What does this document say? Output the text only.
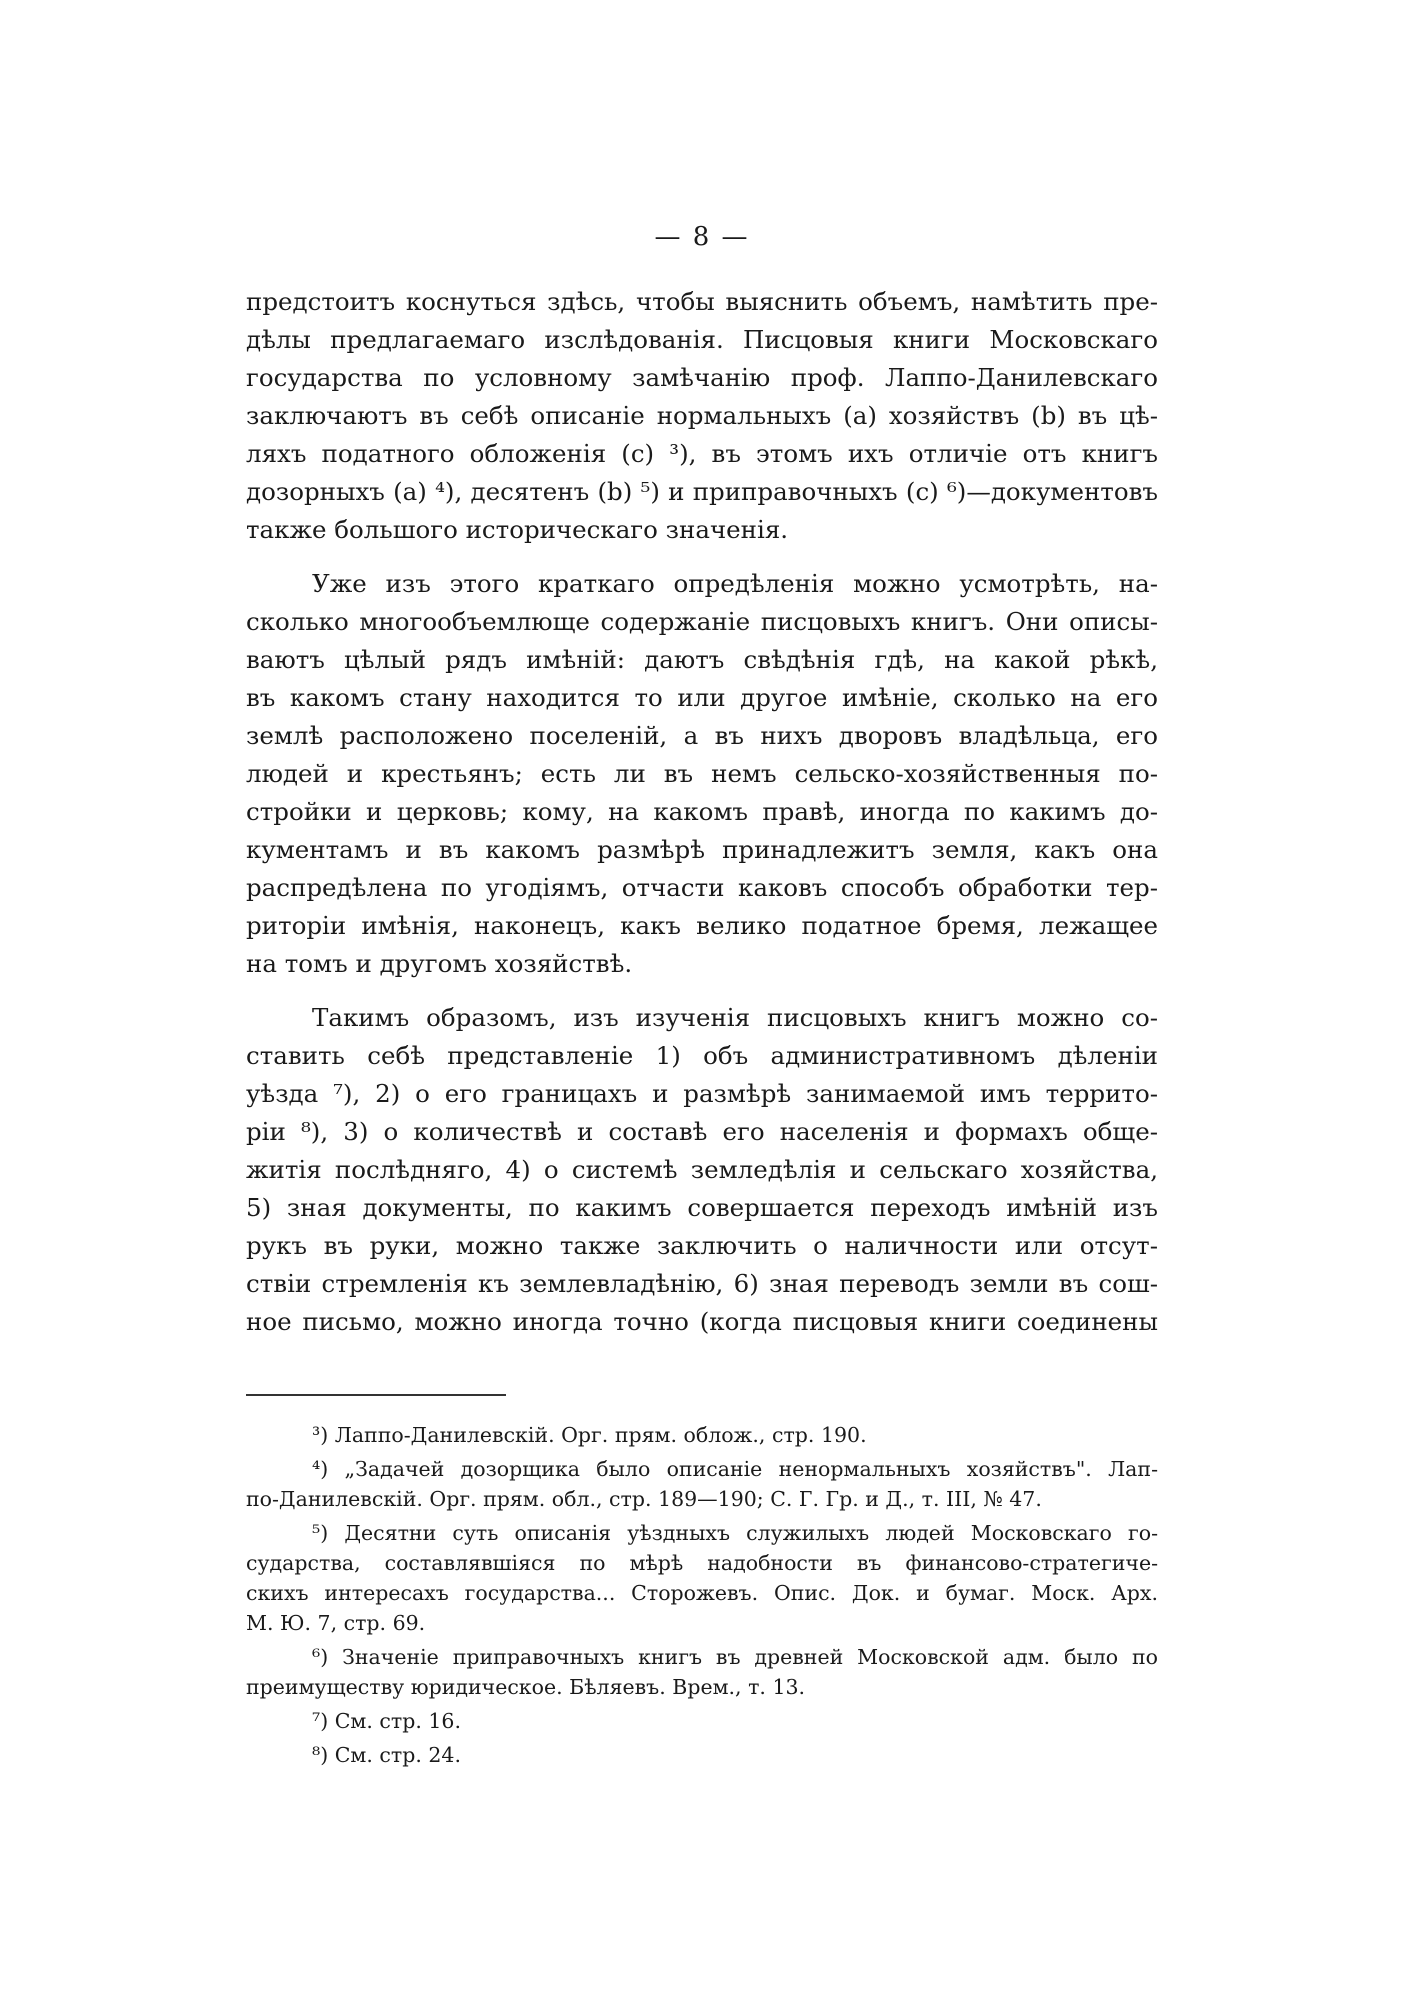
— 8 —

предстоитъ коснуться здѣсь, чтобы выяснить объемъ, намѣтить пре-
дѣлы предлагаемаго изслѣдованія. Писцовыя книги Московскаго
государства по условному замѣчанію проф. Лаппо-Данилевскаго
заключаютъ въ себѣ описаніе нормальныхъ (а) хозяйствъ (b) въ цѣ-
ляхъ податного обложенія (с) ³), въ этомъ ихъ отличіе отъ книгъ
дозорныхъ (а) ⁴), десятенъ (b) ⁵) и приправочныхъ (с) ⁶)—документовъ
также большого историческаго значенія.

Уже изъ этого краткаго опредѣленія можно усмотрѣть, на-
сколько многообъемлюще содержаніе писцовыхъ книгъ. Они описы-
ваютъ цѣлый рядъ имѣній: даютъ свѣдѣнія гдѣ, на какой рѣкѣ,
въ какомъ стану находится то или другое имѣніе, сколько на его
землѣ расположено поселеній, а въ нихъ дворовъ владѣльца, его
людей и крестьянъ; есть ли въ немъ сельско-хозяйственныя по-
стройки и церковь; кому, на какомъ правѣ, иногда по какимъ до-
кументамъ и въ какомъ размѣрѣ принадлежитъ земля, какъ она
распредѣлена по угодіямъ, отчасти каковъ способъ обработки тер-
риторіи имѣнія, наконецъ, какъ велико податное бремя, лежащее
на томъ и другомъ хозяйствѣ.

Такимъ образомъ, изъ изученія писцовыхъ книгъ можно со-
ставить себѣ представленіе 1) объ административномъ дѣленіи
уѣзда ⁷), 2) о его границахъ и размѣрѣ занимаемой имъ террито-
ріи ⁸), 3) о количествѣ и составѣ его населенія и формахъ обще-
житія послѣдняго, 4) о системѣ земледѣлія и сельскаго хозяйства,
5) зная документы, по какимъ совершается переходъ имѣній изъ
рукъ въ руки, можно также заключить о наличности или отсут-
ствіи стремленія къ землевладѣнію, 6) зная переводъ земли въ сош-
ное письмо, можно иногда точно (когда писцовыя книги соединены

³) Лаппо-Данилевскій. Орг. прям. облож., стр. 190.
⁴) „Задачей дозорщика было описаніе ненормальныхъ хозяйствъ". Лап-
по-Данилевскій. Орг. прям. обл., стр. 189—190; С. Г. Гр. и Д., т. III, № 47.
⁵) Десятни суть описанія уѣздныхъ служилыхъ людей Московскаго го-
сударства, составлявшіяся по мѣрѣ надобности въ финансово-стратегиче-
скихъ интересахъ государства... Сторожевъ. Опис. Док. и бумаг. Моск. Арх.
М. Ю. 7, стр. 69.
⁶) Значеніе приправочныхъ книгъ въ древней Московской адм. было по
преимуществу юридическое. Бѣляевъ. Врем., т. 13.
⁷) См. стр. 16.
⁸) См. стр. 24.
